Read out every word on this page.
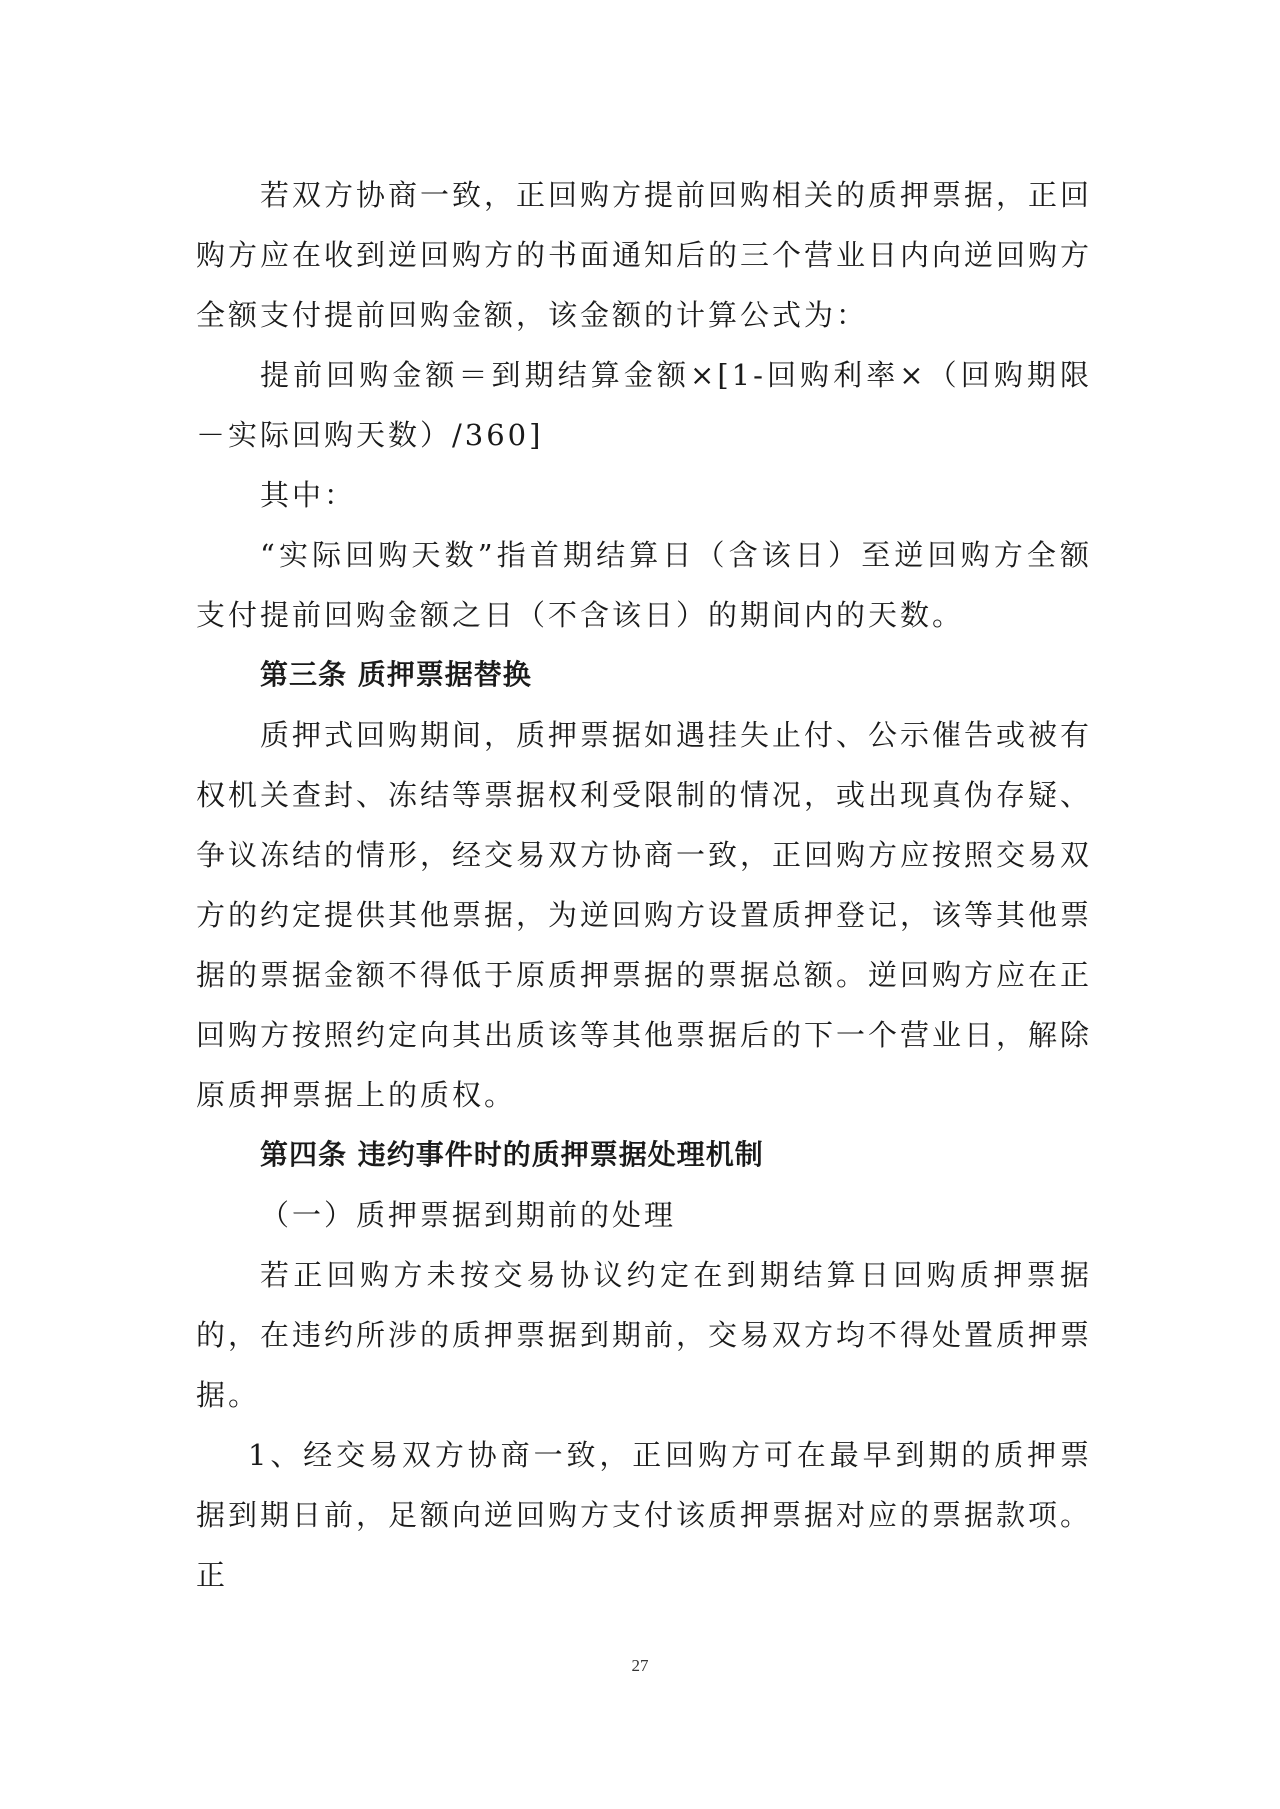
若双方协商一致，正回购方提前回购相关的质押票据，正回购方应在收到逆回购方的书面通知后的三个营业日内向逆回购方全额支付提前回购金额，该金额的计算公式为：

提前回购金额＝到期结算金额×[1-回购利率×（回购期限－实际回购天数）/360]

其中：

“实际回购天数”指首期结算日（含该日）至逆回购方全额支付提前回购金额之日（不含该日）的期间内的天数。

第三条 质押票据替换

质押式回购期间，质押票据如遇挂失止付、公示催告或被有权机关查封、冻结等票据权利受限制的情况，或出现真伪存疑、争议冻结的情形，经交易双方协商一致，正回购方应按照交易双方的约定提供其他票据，为逆回购方设置质押登记，该等其他票据的票据金额不得低于原质押票据的票据总额。逆回购方应在正回购方按照约定向其出质该等其他票据后的下一个营业日，解除原质押票据上的质权。

第四条 违约事件时的质押票据处理机制

（一）质押票据到期前的处理

若正回购方未按交易协议约定在到期结算日回购质押票据的，在违约所涉的质押票据到期前，交易双方均不得处置质押票据。

1、经交易双方协商一致，正回购方可在最早到期的质押票据到期日前，足额向逆回购方支付该质押票据对应的票据款项。正

27
